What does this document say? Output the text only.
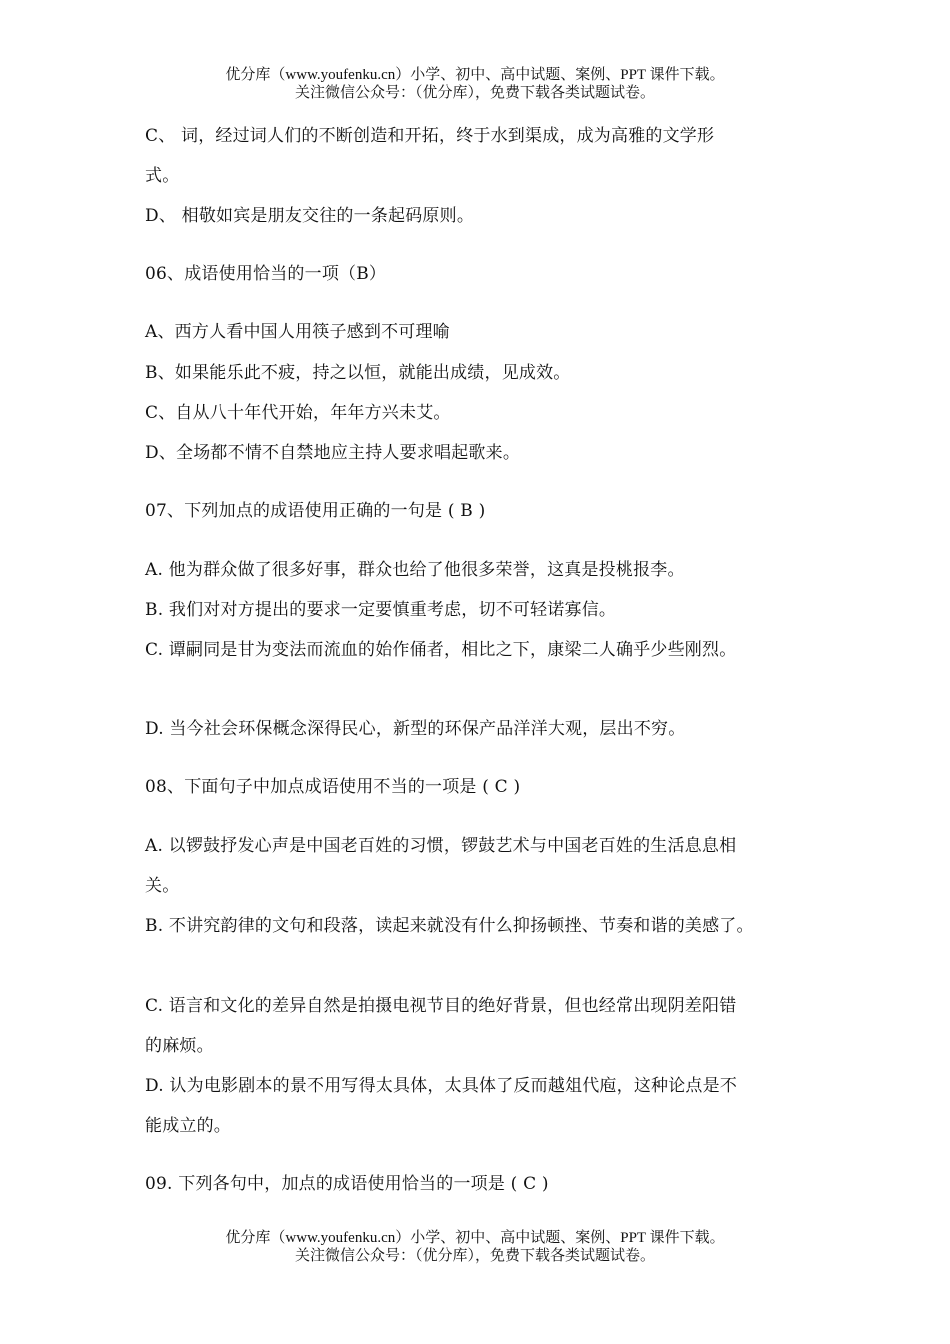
优分库（www.youfenku.cn）小学、初中、高中试题、案例、PPT 课件下载。
关注微信公众号：（优分库），免费下载各类试题试卷。
C、 词，经过词人们的不断创造和开拓，终于水到渠成，成为高雅的文学形
式。
D、 相敬如宾是朋友交往的一条起码原则。
06、成语使用恰当的一项（B）
A、西方人看中国人用筷子感到不可理喻
B、如果能乐此不疲，持之以恒，就能出成绩，见成效。
C、自从八十年代开始，年年方兴未艾。
D、全场都不情不自禁地应主持人要求唱起歌来。
07、下列加点的成语使用正确的一句是 ( B )
A. 他为群众做了很多好事，群众也给了他很多荣誉，这真是投桃报李。
B. 我们对对方提出的要求一定要慎重考虑，切不可轻诺寡信。
C. 谭嗣同是甘为变法而流血的始作俑者，相比之下，康梁二人确乎少些刚烈。
D. 当今社会环保概念深得民心，新型的环保产品洋洋大观，层出不穷。
08、下面句子中加点成语使用不当的一项是 ( C )
A. 以锣鼓抒发心声是中国老百姓的习惯，锣鼓艺术与中国老百姓的生活息息相
关。
B. 不讲究韵律的文句和段落，读起来就没有什么抑扬顿挫、节奏和谐的美感了。
C. 语言和文化的差异自然是拍摄电视节目的绝好背景，但也经常出现阴差阳错
的麻烦。
D. 认为电影剧本的景不用写得太具体，太具体了反而越俎代庖，这种论点是不
能成立的。
09. 下列各句中，加点的成语使用恰当的一项是 ( C )
优分库（www.youfenku.cn）小学、初中、高中试题、案例、PPT 课件下载。
关注微信公众号：（优分库），免费下载各类试题试卷。
